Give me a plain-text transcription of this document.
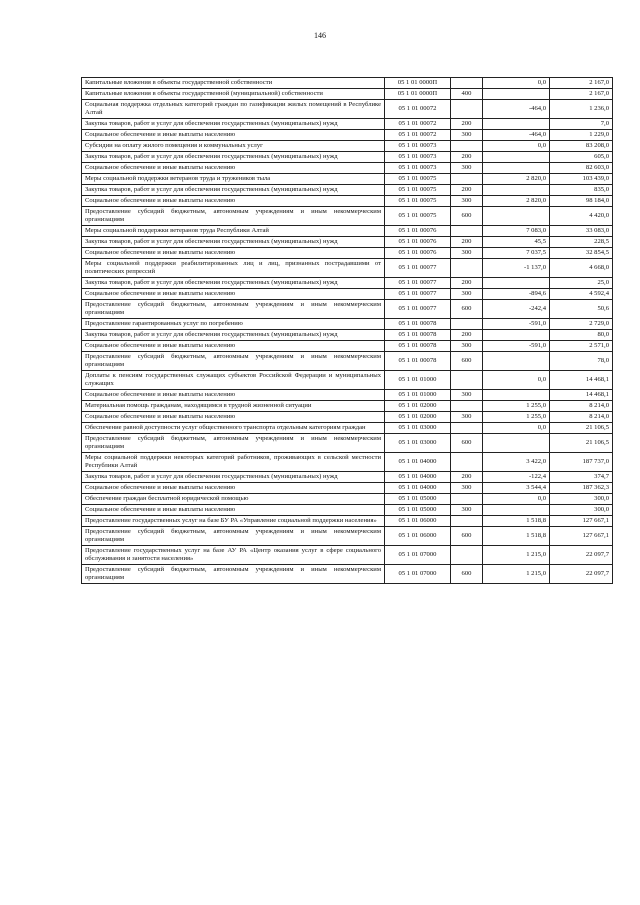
146
Капитальные вложения в объекты государственной собственности	05 1 01 0000П		0,0	2 167,0
Капитальные вложения в объекты государственной (муниципальной) собственности	05 1 01 0000П	400		2 167,0
Социальная поддержка отдельных категорий граждан по газификации жилых помещений в Республике Алтай	05 1 01 00072		-464,0	1 236,0
Закупка товаров, работ и услуг для обеспечения государственных (муниципальных) нужд	05 1 01 00072	200		7,0
Социальное обеспечение и иные выплаты населению	05 1 01 00072	300	-464,0	1 229,0
Субсидии на оплату жилого помещения и коммунальных услуг	05 1 01 00073		0,0	83 208,0
Закупка товаров, работ и услуг для обеспечения государственных (муниципальных) нужд	05 1 01 00073	200		605,0
Социальное обеспечение и иные выплаты населению	05 1 01 00073	300		82 603,0
Меры социальной поддержки ветеранов труда и тружеников тыла	05 1 01 00075		2 820,0	103 439,0
Закупка товаров, работ и услуг для обеспечения государственных (муниципальных) нужд	05 1 01 00075	200		835,0
Социальное обеспечение и иные выплаты населению	05 1 01 00075	300	2 820,0	98 184,0
Предоставление субсидий бюджетным, автономным учреждениям и иным некоммерческим организациям	05 1 01 00075	600		4 420,0
Меры социальной поддержки ветеранов труда Республики Алтай	05 1 01 00076		7 083,0	33 083,0
Закупка товаров, работ и услуг для обеспечения государственных (муниципальных) нужд	05 1 01 00076	200	45,5	228,5
Социальное обеспечение и иные выплаты населению	05 1 01 00076	300	7 037,5	32 854,5
Меры социальной поддержки реабилитированных лиц и лиц, признанных пострадавшими от политических репрессий	05 1 01 00077		-1 137,0	4 668,0
Закупка товаров, работ и услуг для обеспечения государственных (муниципальных) нужд	05 1 01 00077	200		25,0
Социальное обеспечение и иные выплаты населению	05 1 01 00077	300	-894,6	4 592,4
Предоставление субсидий бюджетным, автономным учреждениям и иным некоммерческим организациям	05 1 01 00077	600	-242,4	50,6
Предоставление гарантированных услуг по погребению	05 1 01 00078		-591,0	2 729,0
Закупка товаров, работ и услуг для обеспечения государственных (муниципальных) нужд	05 1 01 00078	200		80,0
Социальное обеспечение и иные выплаты населению	05 1 01 00078	300	-591,0	2 571,0
Предоставление субсидий бюджетным, автономным учреждениям и иным некоммерческим организациям	05 1 01 00078	600		78,0
Доплаты к пенсиям государственных служащих субъектов Российской Федерации и муниципальных служащих	05 1 01 01000		0,0	14 468,1
Социальное обеспечение и иные выплаты населению	05 1 01 01000	300		14 468,1
Материальная помощь гражданам, находящимся в трудной жизненной ситуации	05 1 01 02000		1 255,0	8 214,0
Социальное обеспечение и иные выплаты населению	05 1 01 02000	300	1 255,0	8 214,0
Обеспечение равной доступности услуг общественного транспорта отдельным категориям граждан	05 1 01 03000		0,0	21 106,5
Предоставление субсидий бюджетным, автономным учреждениям и иным некоммерческим организациям	05 1 01 03000	600		21 106,5
Меры социальной поддержки некоторых категорий работников, проживающих в сельской местности Республики Алтай	05 1 01 04000		3 422,0	187 737,0
Закупка товаров, работ и услуг для обеспечения государственных (муниципальных) нужд	05 1 01 04000	200	-122,4	374,7
Социальное обеспечение и иные выплаты населению	05 1 01 04000	300	3 544,4	187 362,3
Обеспечение граждан бесплатной юридической помощью	05 1 01 05000		0,0	300,0
Социальное обеспечение и иные выплаты населению	05 1 01 05000	300		300,0
Предоставление государственных услуг на базе БУ РА «Управление социальной поддержки населения»	05 1 01 06000		1 518,8	127 667,1
Предоставление субсидий бюджетным, автономным учреждениям и иным некоммерческим организациям	05 1 01 06000	600	1 518,8	127 667,1
Предоставление государственных услуг на базе АУ РА «Центр оказания услуг в сфере социального обслуживания и занятости населения»	05 1 01 07000		1 215,0	22 097,7
Предоставление субсидий бюджетным, автономным учреждениям и иным некоммерческим организациям	05 1 01 07000	600	1 215,0	22 097,7
